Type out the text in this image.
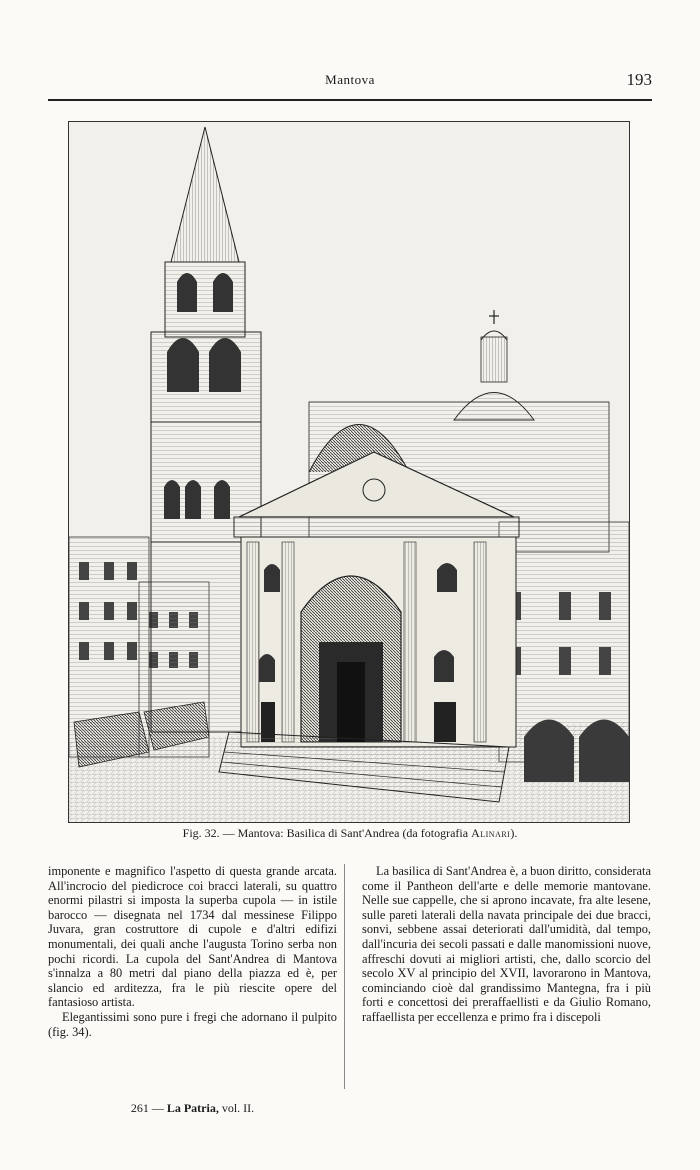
Mantova	193
Fig. 32. — Mantova: Basilica di Sant'Andrea (da fotografia Alinari).

imponente e magnifico l'aspetto di questa grande arcata. All'incrocio del piedicroce coi bracci laterali, su quattro enormi pilastri si imposta la superba cupola — in istile barocco — disegnata nel 1734 dal messinese Filippo Juvara, gran costruttore di cupole e d'altri edifizi monumentali, dei quali anche l'augusta Torino serba non pochi ricordi. La cupola del Sant'Andrea di Mantova s'innalza a 80 metri dal piano della piazza ed è, per slancio ed arditezza, fra le più riescite opere del fantasioso artista.

Elegantissimi sono pure i fregi che adornano il pulpito (fig. 34).

La basilica di Sant'Andrea è, a buon diritto, considerata come il Pantheon dell'arte e delle memorie mantovane. Nelle sue cappelle, che si aprono incavate, fra alte lesene, sulle pareti laterali della navata principale dei due bracci, sonvi, sebbene assai deteriorati dall'umidità, dal tempo, dall'incuria dei secoli passati e dalle manomissioni nuove, affreschi dovuti ai migliori artisti, che, dallo scorcio del secolo XV al principio del XVII, lavorarono in Mantova, cominciando cioè dal grandissimo Mantegna, fra i più forti e concettosi dei preraffaellisti e da Giulio Romano, raffaellista per eccellenza e primo fra i discepoli

261 — La Patria, vol. II.
